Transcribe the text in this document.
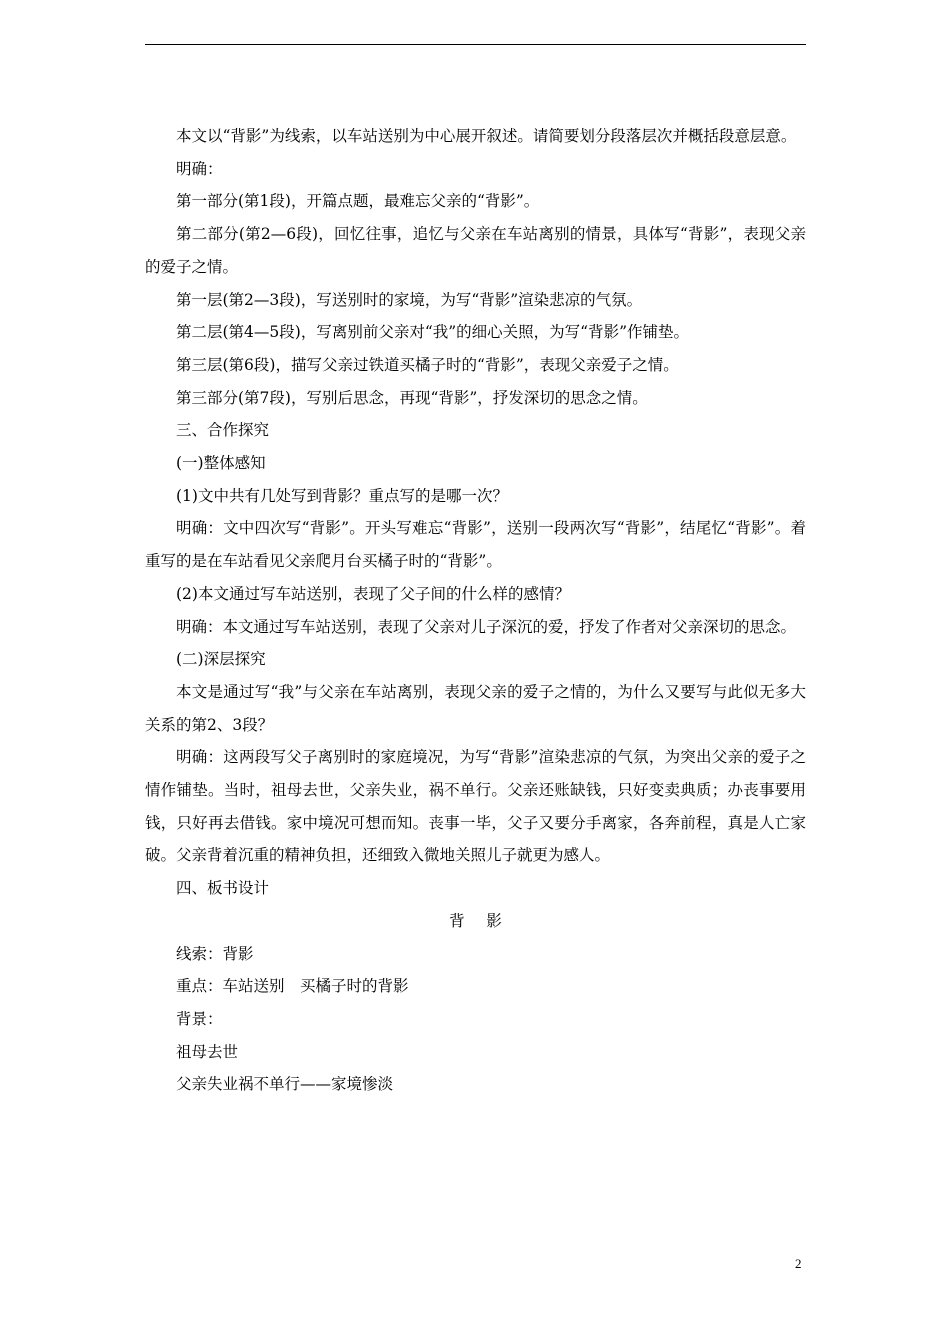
本文以“背影”为线索，以车站送别为中心展开叙述。请简要划分段落层次并概括段意层意。

明确：

第一部分(第1段)，开篇点题，最难忘父亲的“背影”。

第二部分(第2—6段)，回忆往事，追忆与父亲在车站离别的情景，具体写“背影”，表现父亲的爱子之情。

第一层(第2—3段)，写送别时的家境，为写“背影”渲染悲凉的气氛。

第二层(第4—5段)，写离别前父亲对“我”的细心关照，为写“背影”作铺垫。

第三层(第6段)，描写父亲过铁道买橘子时的“背影”，表现父亲爱子之情。

第三部分(第7段)，写别后思念，再现“背影”，抒发深切的思念之情。

三、合作探究

(一)整体感知

(1)文中共有几处写到背影？重点写的是哪一次？

明确：文中四次写“背影”。开头写难忘“背影”，送别一段两次写“背影”，结尾忆“背影”。着重写的是在车站看见父亲爬月台买橘子时的“背影”。

(2)本文通过写车站送别，表现了父子间的什么样的感情？

明确：本文通过写车站送别，表现了父亲对儿子深沉的爱，抒发了作者对父亲深切的思念。

(二)深层探究

本文是通过写“我”与父亲在车站离别，表现父亲的爱子之情的，为什么又要写与此似无多大关系的第2、3段？

明确：这两段写父子离别时的家庭境况，为写“背影”渲染悲凉的气氛，为突出父亲的爱子之情作铺垫。当时，祖母去世，父亲失业，祸不单行。父亲还账缺钱，只好变卖典质；办丧事要用钱，只好再去借钱。家中境况可想而知。丧事一毕，父子又要分手离家，各奔前程，真是人亡家破。父亲背着沉重的精神负担，还细致入微地关照儿子就更为感人。

四、板书设计

背影

线索：背影

重点：车站送别　买橘子时的背影

背景：

祖母去世

父亲失业祸不单行——家境惨淡

2
